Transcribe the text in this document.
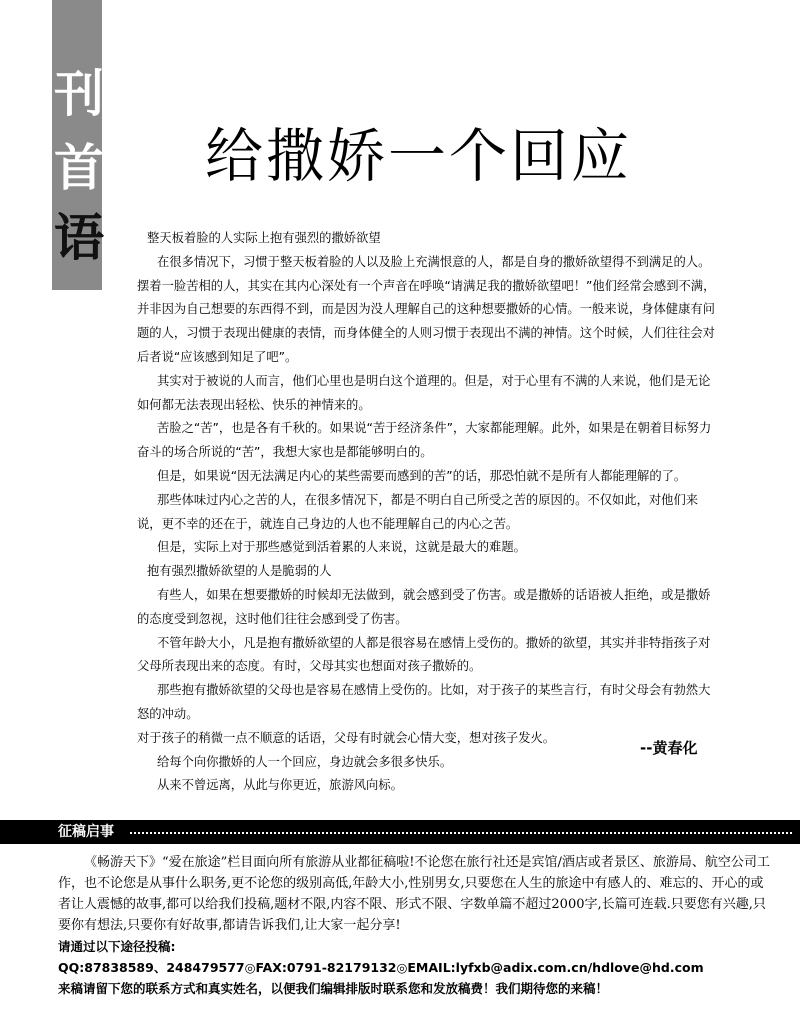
刊
首
语
给撒娇一个回应

整天板着脸的人实际上抱有强烈的撒娇欲望

在很多情况下，习惯于整天板着脸的人以及脸上充满恨意的人，都是自身的撒娇欲望得不到满足的人。摆着一脸苦相的人，其实在其内心深处有一个声音在呼唤“请满足我的撒娇欲望吧！”他们经常会感到不满，并非因为自己想要的东西得不到，而是因为没人理解自己的这种想要撒娇的心情。一般来说，身体健康有问题的人，习惯于表现出健康的表情，而身体健全的人则习惯于表现出不满的神情。这个时候，人们往往会对后者说“应该感到知足了吧”。

其实对于被说的人而言，他们心里也是明白这个道理的。但是，对于心里有不满的人来说，他们是无论如何都无法表现出轻松、快乐的神情来的。

苦脸之“苦”，也是各有千秋的。如果说“苦于经济条件”，大家都能理解。此外，如果是在朝着目标努力奋斗的场合所说的“苦”，我想大家也是都能够明白的。

但是，如果说“因无法满足内心的某些需要而感到的苦”的话，那恐怕就不是所有人都能理解的了。

那些体味过内心之苦的人，在很多情况下，都是不明白自己所受之苦的原因的。不仅如此，对他们来说，更不幸的还在于，就连自己身边的人也不能理解自己的内心之苦。

但是，实际上对于那些感觉到活着累的人来说，这就是最大的难题。

抱有强烈撒娇欲望的人是脆弱的人

有些人，如果在想要撒娇的时候却无法做到，就会感到受了伤害。或是撒娇的话语被人拒绝，或是撒娇的态度受到忽视，这时他们往往会感到受了伤害。

不管年龄大小，凡是抱有撒娇欲望的人都是很容易在感情上受伤的。撒娇的欲望，其实并非特指孩子对父母所表现出来的态度。有时，父母其实也想面对孩子撒娇的。

那些抱有撒娇欲望的父母也是容易在感情上受伤的。比如，对于孩子的某些言行，有时父母会有勃然大怒的冲动。

对于孩子的稍微一点不顺意的话语，父母有时就会心情大变，想对孩子发火。

给每个向你撒娇的人一个回应，身边就会多很多快乐。

从来不曾远离，从此与你更近，旅游风向标。

--黄春化
征稿启事

《畅游天下》“爱在旅途”栏目面向所有旅游从业都征稿啦!不论您在旅行社还是宾馆/酒店或者景区、旅游局、航空公司工作，也不论您是从事什么职务,更不论您的级别高低,年龄大小,性别男女,只要您在人生的旅途中有感人的、难忘的、开心的或者让人震憾的故事,都可以给我们投稿,题材不限,内容不限、形式不限、字数单篇不超过2000字,长篇可连载.只要您有兴趣,只要你有想法,只要你有好故事,都请告诉我们,让大家一起分享!

请通过以下途径投稿:

QQ:87838589、248479577◎FAX:0791-82179132◎EMAIL:lyfxb@adix.com.cn/hdlove@hd.com

来稿请留下您的联系方式和真实姓名，以便我们编辑排版时联系您和发放稿费！我们期待您的来稿！
